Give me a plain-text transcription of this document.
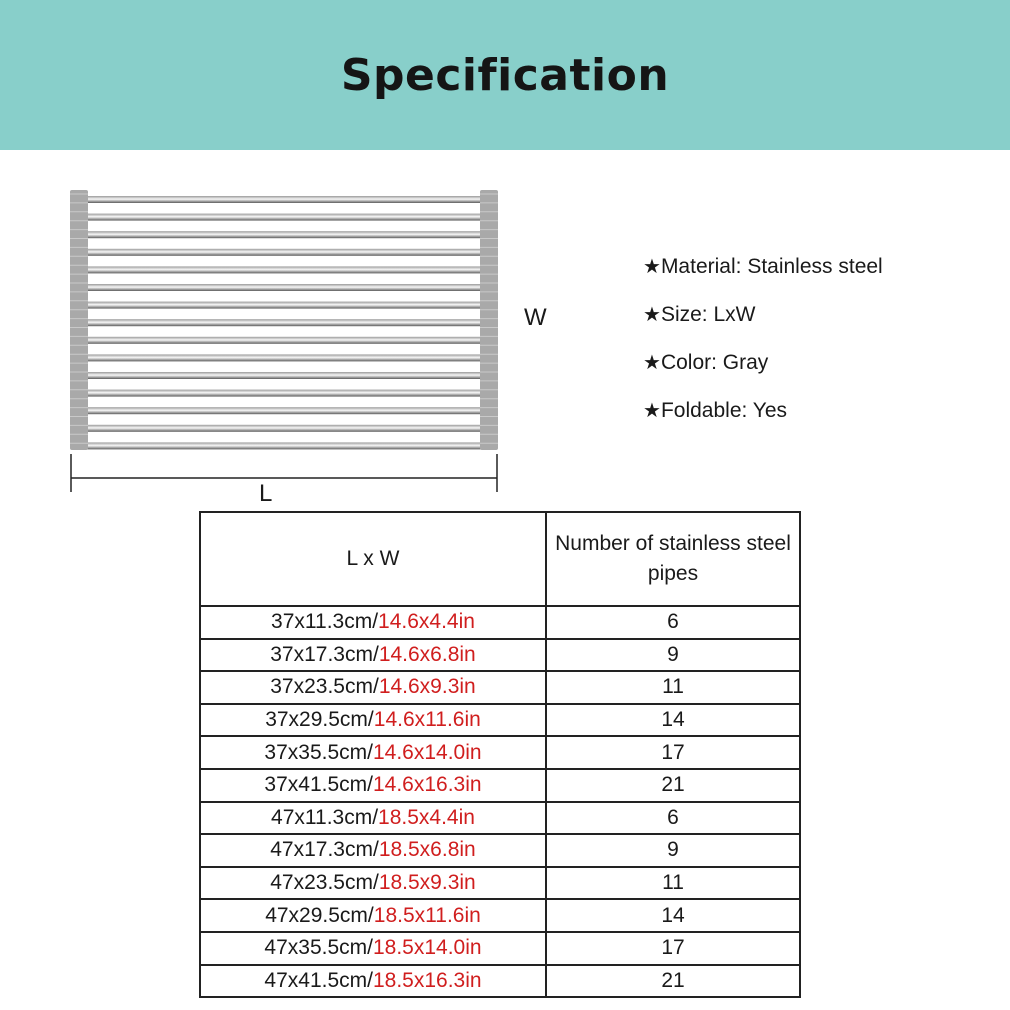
Specification
W
L
★Material: Stainless steel
★Size: LxW
★Color: Gray
★Foldable: Yes
L x W	Number of stainless steel pipes
37x11.3cm/14.6x4.4in	6
37x17.3cm/14.6x6.8in	9
37x23.5cm/14.6x9.3in	11
37x29.5cm/14.6x11.6in	14
37x35.5cm/14.6x14.0in	17
37x41.5cm/14.6x16.3in	21
47x11.3cm/18.5x4.4in	6
47x17.3cm/18.5x6.8in	9
47x23.5cm/18.5x9.3in	11
47x29.5cm/18.5x11.6in	14
47x35.5cm/18.5x14.0in	17
47x41.5cm/18.5x16.3in	21
